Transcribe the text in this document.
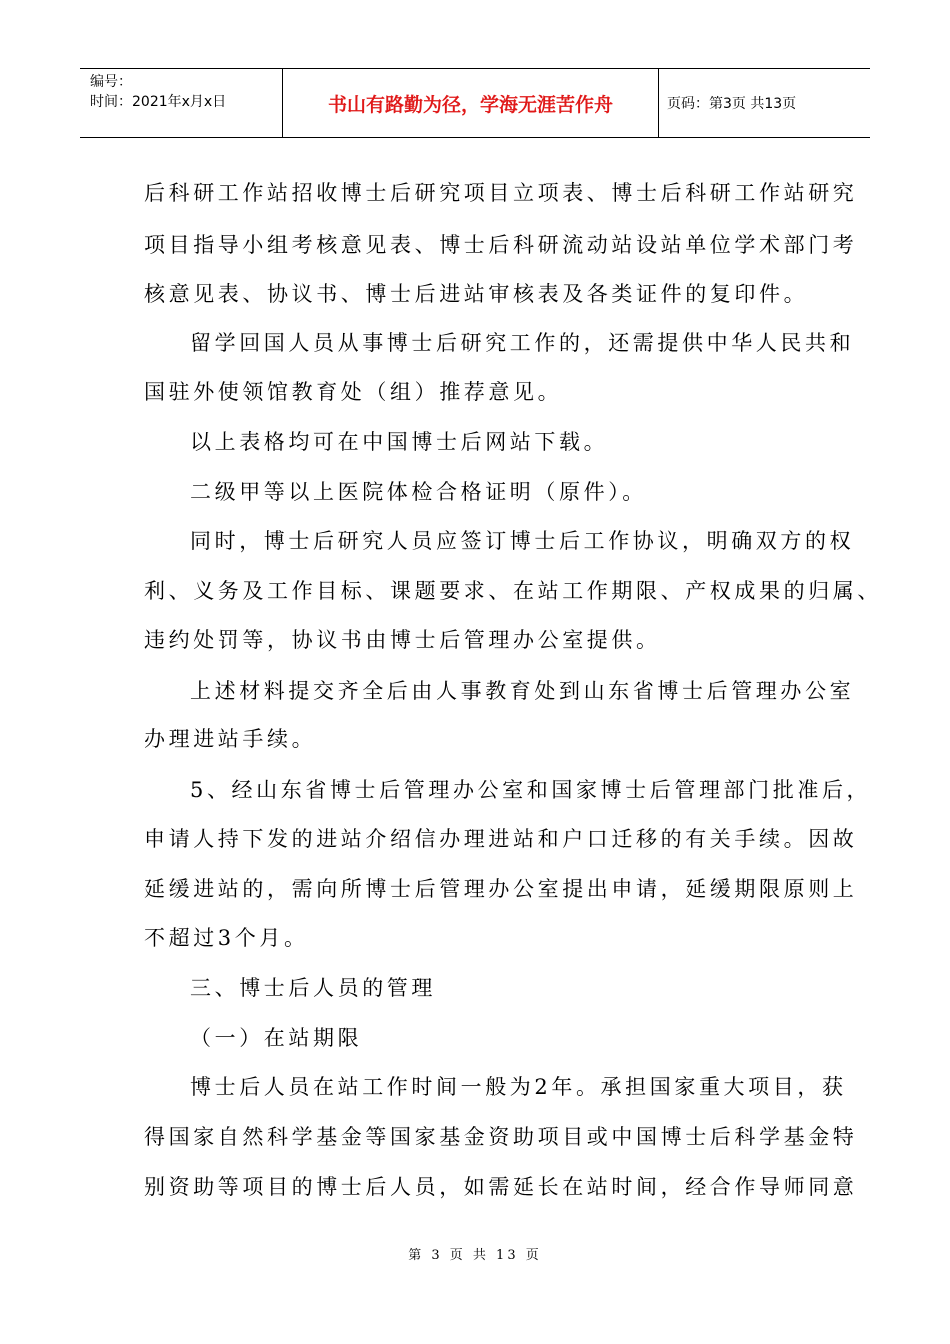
编号：
时间：2021年x月x日	书山有路勤为径，学海无涯苦作舟	页码：第3页 共13页
后科研工作站招收博士后研究项目立项表、博士后科研工作站研究
项目指导小组考核意见表、博士后科研流动站设站单位学术部门考
核意见表、协议书、博士后进站审核表及各类证件的复印件。
留学回国人员从事博士后研究工作的，还需提供中华人民共和
国驻外使领馆教育处（组）推荐意见。
以上表格均可在中国博士后网站下载。
二级甲等以上医院体检合格证明（原件）。
同时，博士后研究人员应签订博士后工作协议，明确双方的权
利、义务及工作目标、课题要求、在站工作期限、产权成果的归属、
违约处罚等，协议书由博士后管理办公室提供。
上述材料提交齐全后由人事教育处到山东省博士后管理办公室
办理进站手续。
5、经山东省博士后管理办公室和国家博士后管理部门批准后，
申请人持下发的进站介绍信办理进站和户口迁移的有关手续。因故
延缓进站的，需向所博士后管理办公室提出申请，延缓期限原则上
不超过3个月。
三、博士后人员的管理
（一）在站期限
博士后人员在站工作时间一般为2年。承担国家重大项目，获
得国家自然科学基金等国家基金资助项目或中国博士后科学基金特
别资助等项目的博士后人员，如需延长在站时间，经合作导师同意
第 3 页 共 13 页
